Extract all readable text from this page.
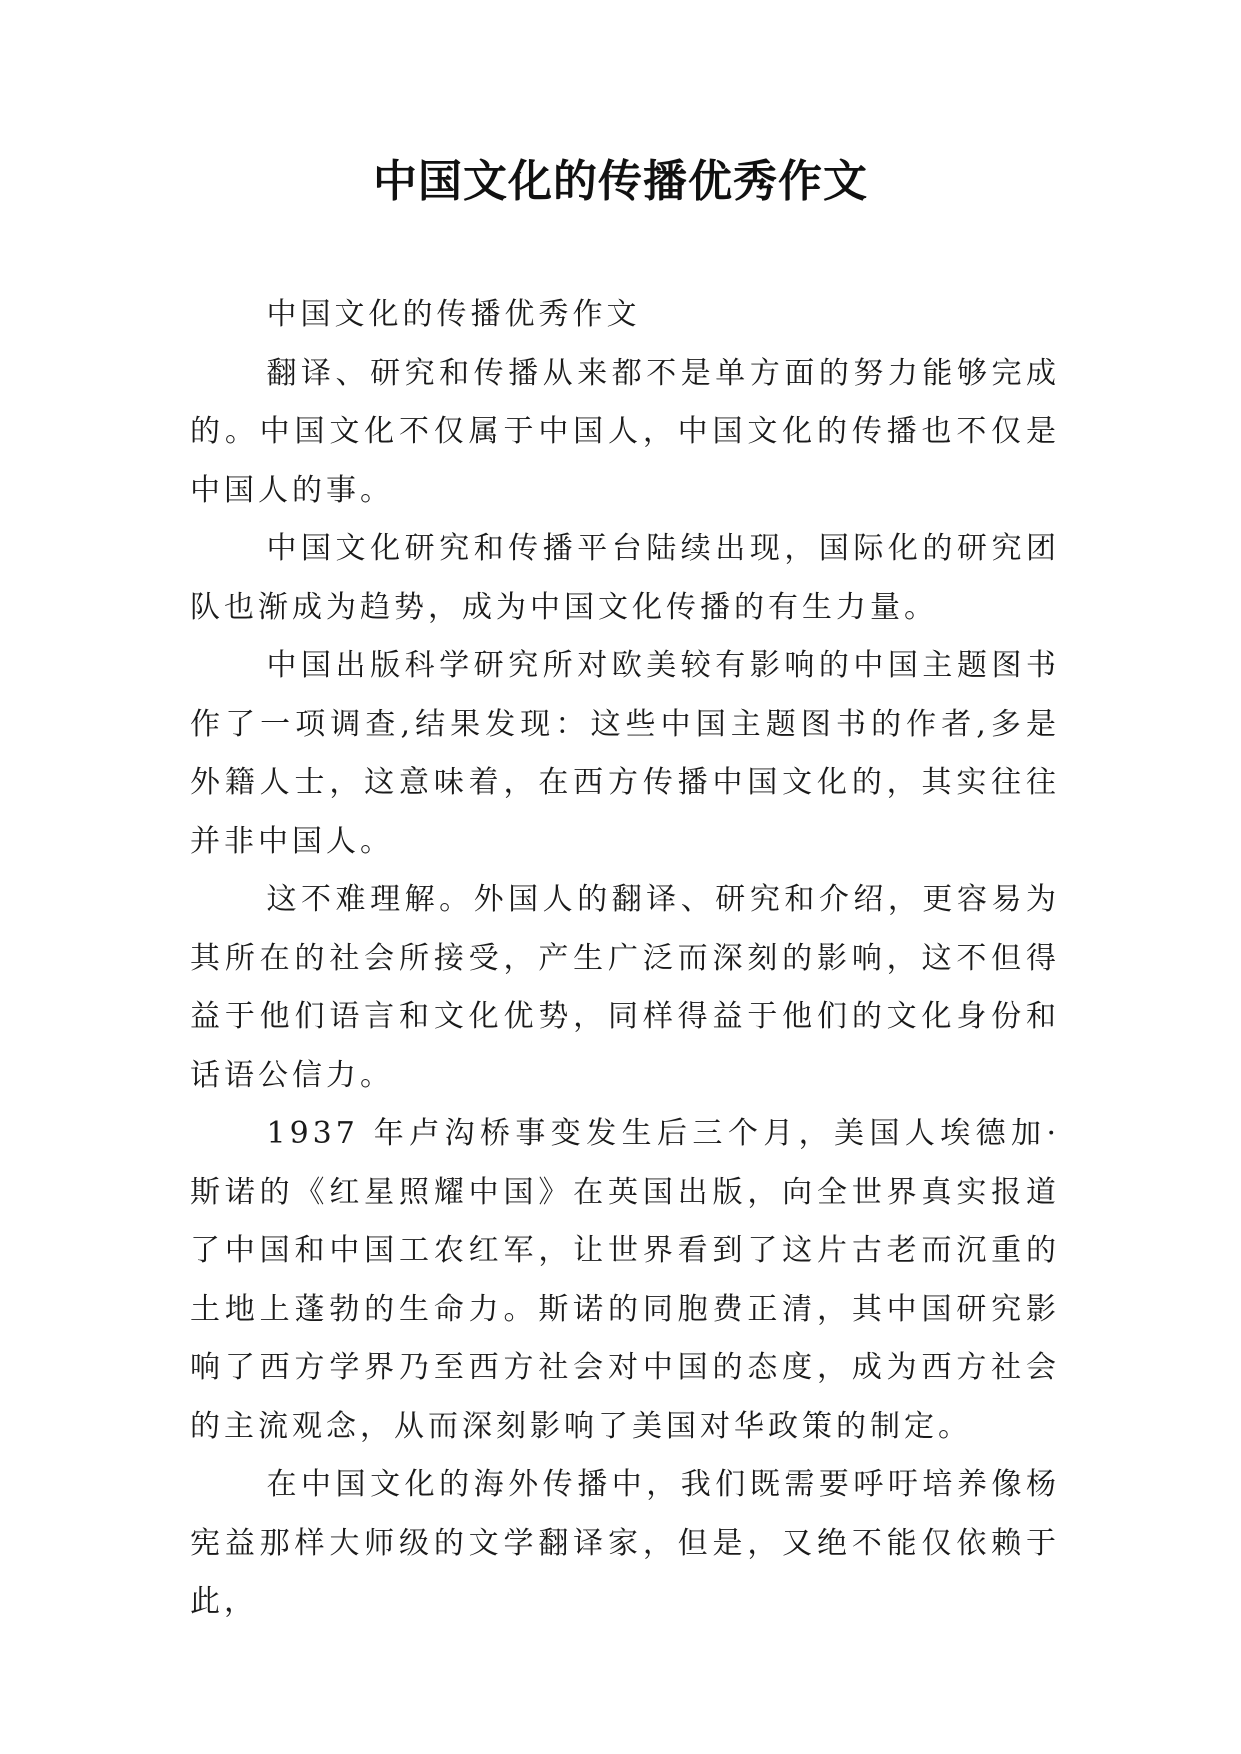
中国文化的传播优秀作文

中国文化的传播优秀作文

翻译、研究和传播从来都不是单方面的努力能够完成的。中国文化不仅属于中国人，中国文化的传播也不仅是中国人的事。

中国文化研究和传播平台陆续出现，国际化的研究团队也渐成为趋势，成为中国文化传播的有生力量。

中国出版科学研究所对欧美较有影响的中国主题图书作了一项调查,结果发现：这些中国主题图书的作者,多是外籍人士，这意味着，在西方传播中国文化的，其实往往并非中国人。

这不难理解。外国人的翻译、研究和介绍，更容易为其所在的社会所接受，产生广泛而深刻的影响，这不但得益于他们语言和文化优势，同样得益于他们的文化身份和话语公信力。

1937 年卢沟桥事变发生后三个月，美国人埃德加·斯诺的《红星照耀中国》在英国出版，向全世界真实报道了中国和中国工农红军，让世界看到了这片古老而沉重的土地上蓬勃的生命力。斯诺的同胞费正清，其中国研究影响了西方学界乃至西方社会对中国的态度，成为西方社会的主流观念，从而深刻影响了美国对华政策的制定。

在中国文化的海外传播中，我们既需要呼吁培养像杨宪益那样大师级的文学翻译家，但是，又绝不能仅依赖于此，
